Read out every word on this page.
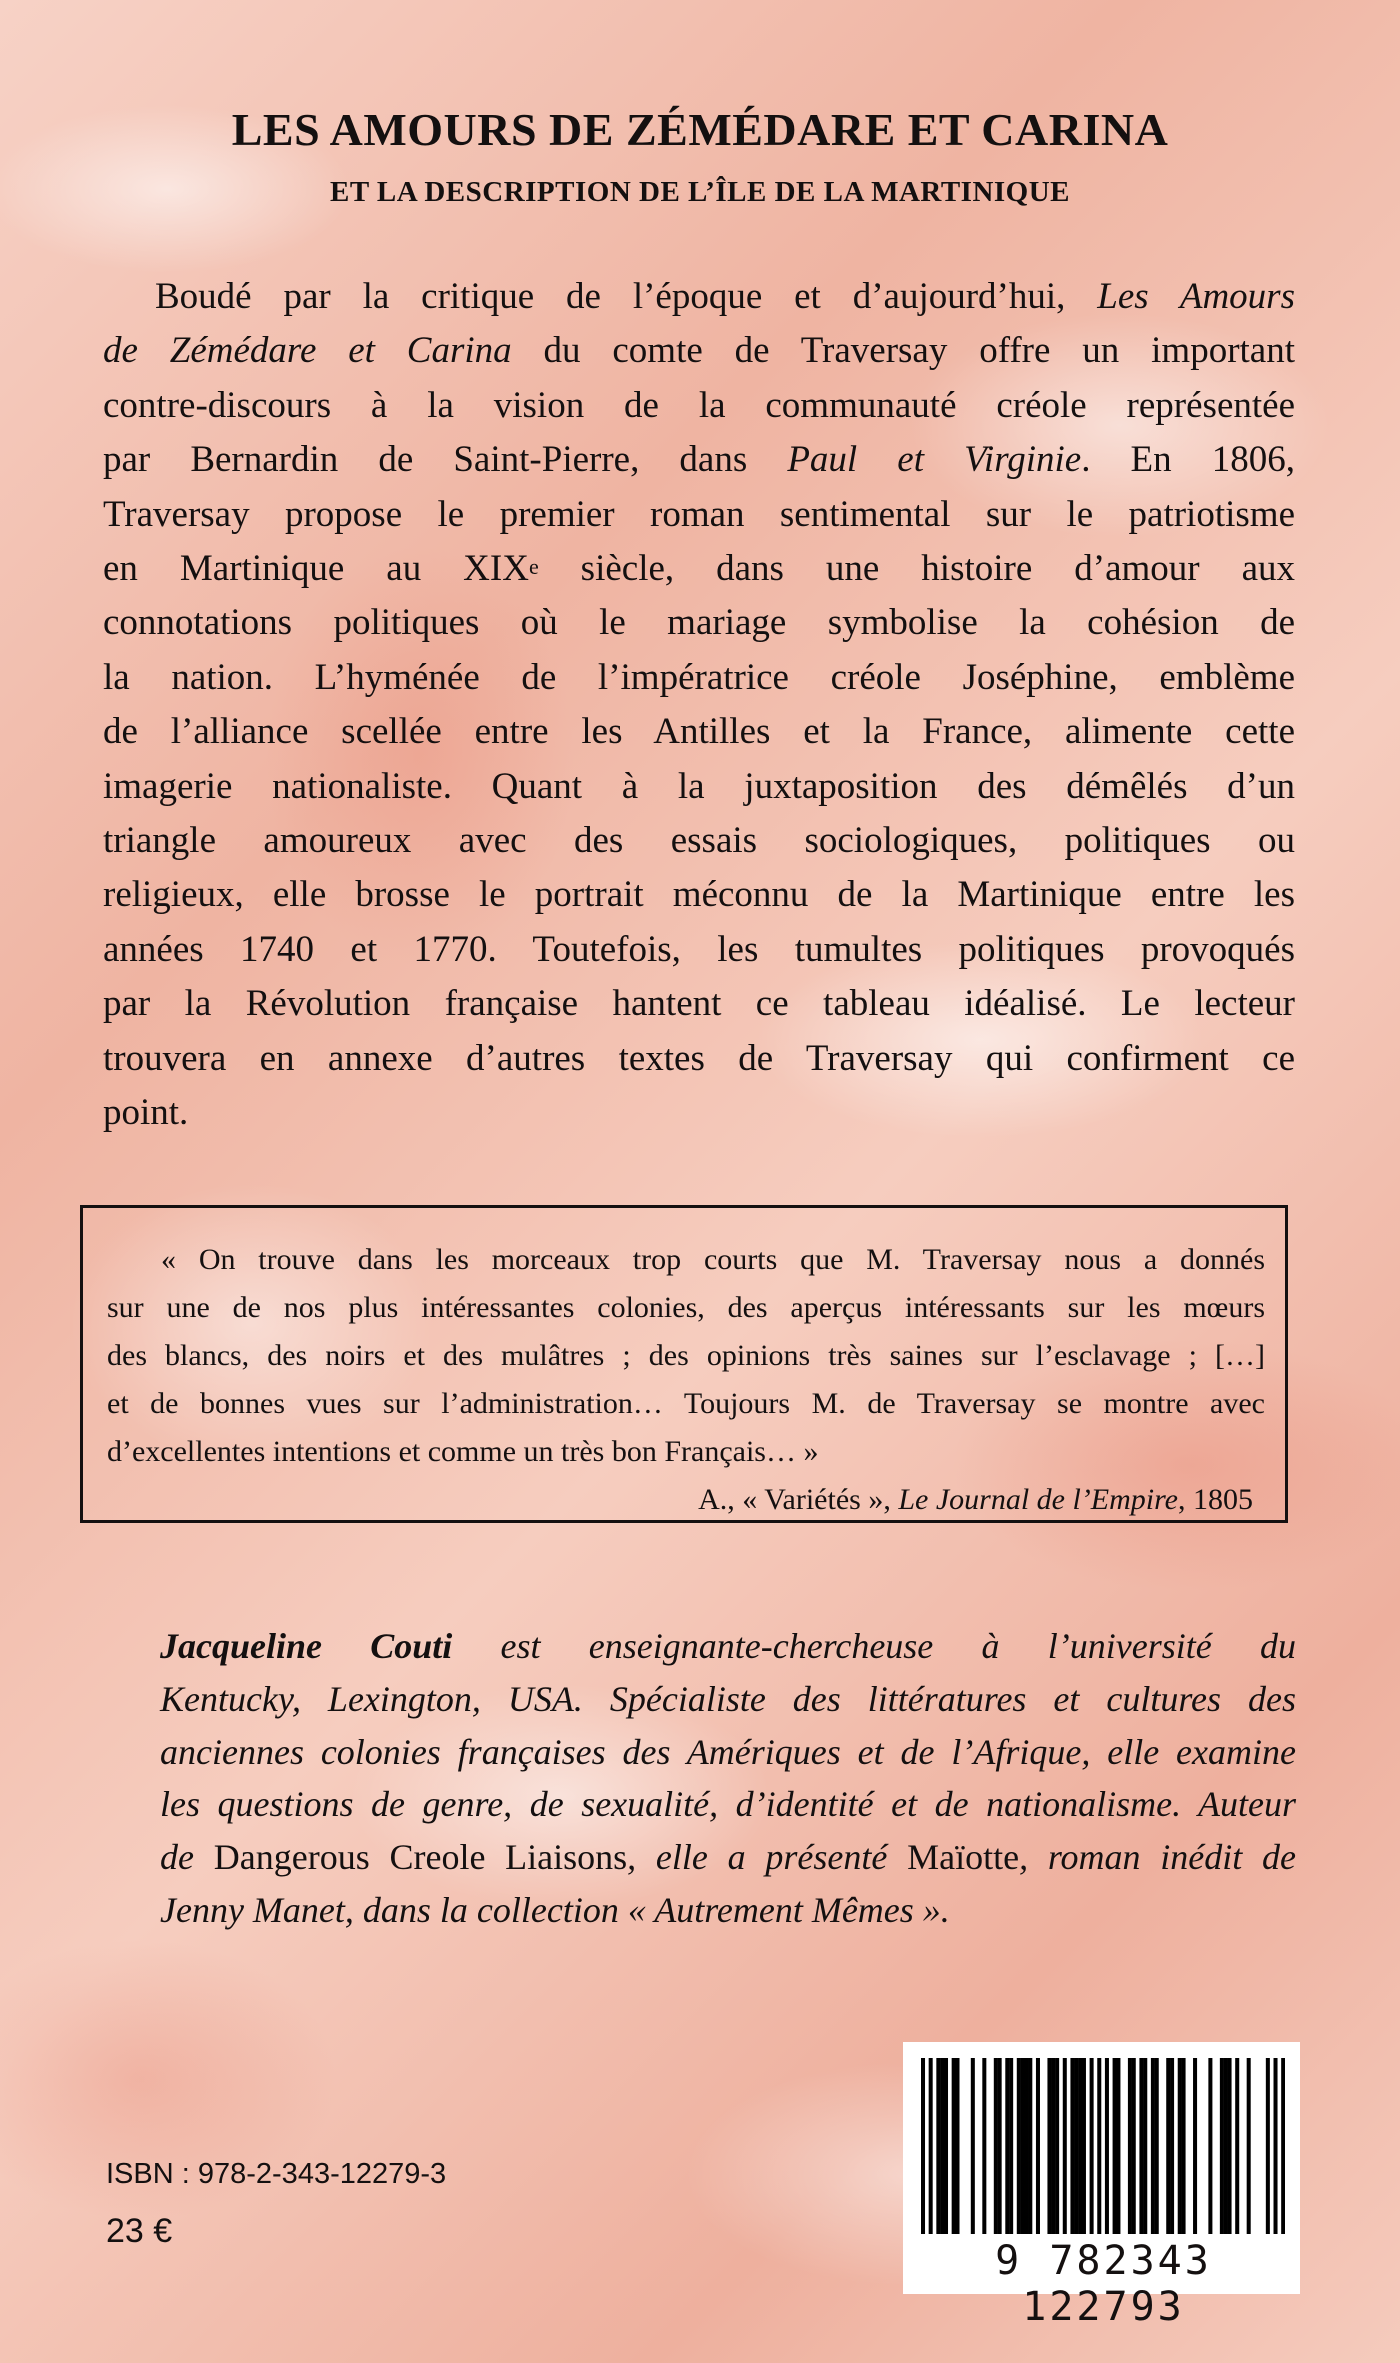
LES AMOURS DE ZÉMÉDARE ET CARINA
ET LA DESCRIPTION DE L’ÎLE DE LA MARTINIQUE
Boudé par la critique de l’époque et d’aujourd’hui, Les Amours
de Zémédare et Carina du comte de Traversay offre un important
contre-discours à la vision de la communauté créole représentée
par Bernardin de Saint-Pierre, dans Paul et Virginie. En 1806,
Traversay propose le premier roman sentimental sur le patriotisme
en Martinique au XIXe siècle, dans une histoire d’amour aux
connotations politiques où le mariage symbolise la cohésion de
la nation. L’hyménée de l’impératrice créole Joséphine, emblème
de l’alliance scellée entre les Antilles et la France, alimente cette
imagerie nationaliste. Quant à la juxtaposition des démêlés d’un
triangle amoureux avec des essais sociologiques, politiques ou
religieux, elle brosse le portrait méconnu de la Martinique entre les
années 1740 et 1770. Toutefois, les tumultes politiques provoqués
par la Révolution française hantent ce tableau idéalisé. Le lecteur
trouvera en annexe d’autres textes de Traversay qui confirment ce
point.
« On trouve dans les morceaux trop courts que M. Traversay nous a donnés
sur une de nos plus intéressantes colonies, des aperçus intéressants sur les mœurs
des blancs, des noirs et des mulâtres ; des opinions très saines sur l’esclavage ; […]
et de bonnes vues sur l’administration… Toujours M. de Traversay se montre avec
d’excellentes intentions et comme un très bon Français… »
A., « Variétés », Le Journal de l’Empire, 1805
Jacqueline Couti est enseignante-chercheuse à l’université du
Kentucky, Lexington, USA. Spécialiste des littératures et cultures des
anciennes colonies françaises des Amériques et de l’Afrique, elle examine
les questions de genre, de sexualité, d’identité et de nationalisme. Auteur
de Dangerous Creole Liaisons, elle a présenté Maïotte, roman inédit de
Jenny Manet, dans la collection « Autrement Mêmes ».
ISBN : 978-2-343-12279-3
23 €
9 782343 122793
